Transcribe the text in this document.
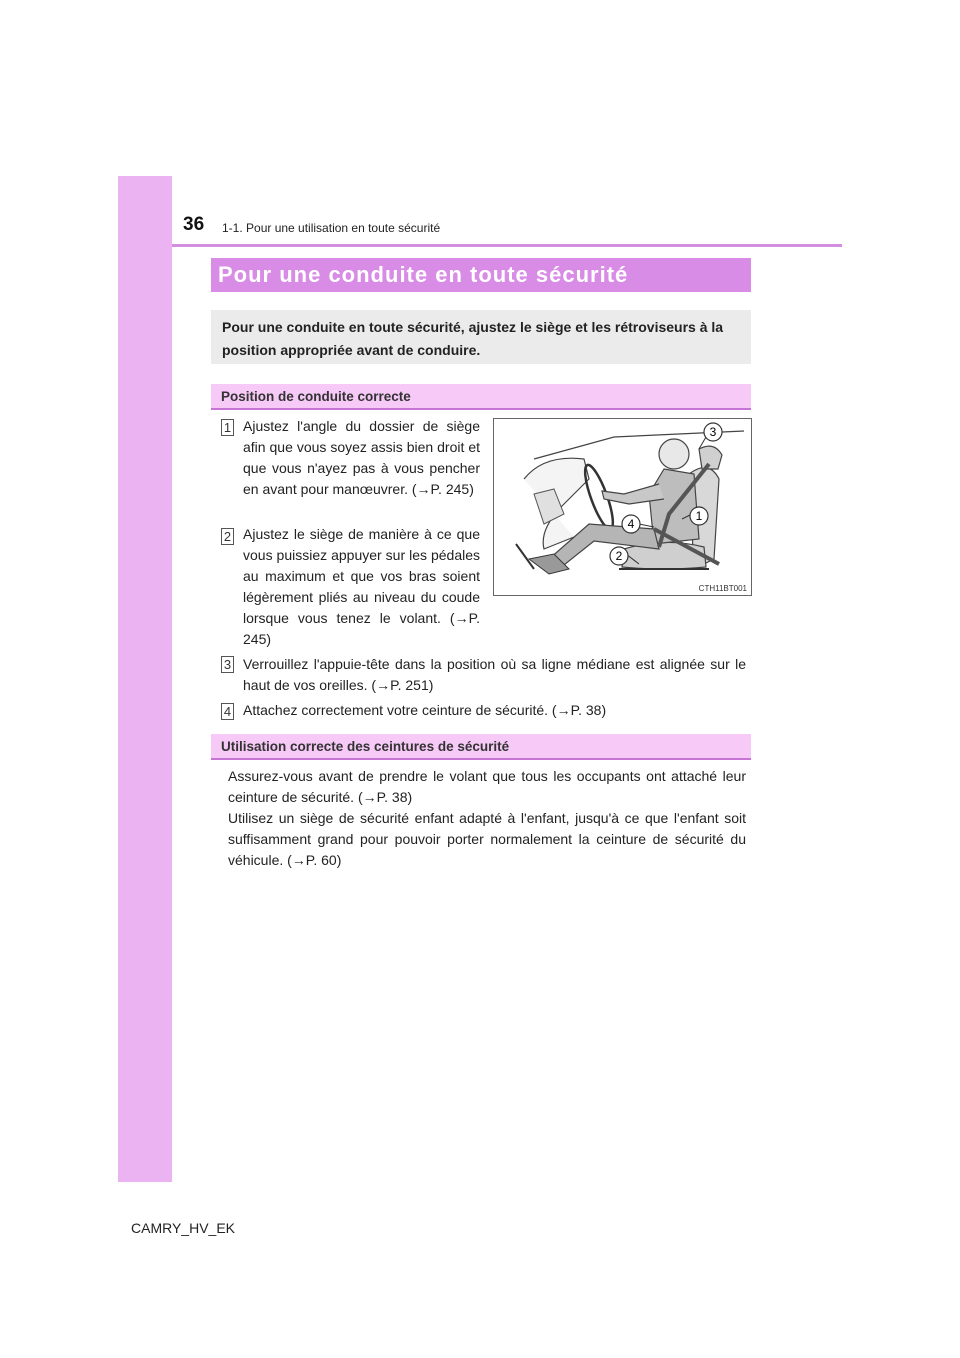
36 1-1. Pour une utilisation en toute sécurité
Pour une conduite en toute sécurité
Pour une conduite en toute sécurité, ajustez le siège et les rétroviseurs à la position appropriée avant de conduire.
Position de conduite correcte
1 Ajustez l'angle du dossier de siège afin que vous soyez assis bien droit et que vous n'ayez pas à vous pencher en avant pour manœuvrer. (→P. 245)
2 Ajustez le siège de manière à ce que vous puissiez appuyer sur les pédales au maximum et que vos bras soient légèrement pliés au niveau du coude lorsque vous tenez le volant. (→P. 245)
1
2
3
4
CTH11BT001
3 Verrouillez l'appuie-tête dans la position où sa ligne médiane est alignée sur le haut de vos oreilles. (→P. 251)
4 Attachez correctement votre ceinture de sécurité. (→P. 38)
Utilisation correcte des ceintures de sécurité
Assurez-vous avant de prendre le volant que tous les occupants ont attaché leur ceinture de sécurité. (→P. 38)
Utilisez un siège de sécurité enfant adapté à l'enfant, jusqu'à ce que l'enfant soit suffisamment grand pour pouvoir porter normalement la ceinture de sécurité du véhicule. (→P. 60)
CAMRY_HV_EK
